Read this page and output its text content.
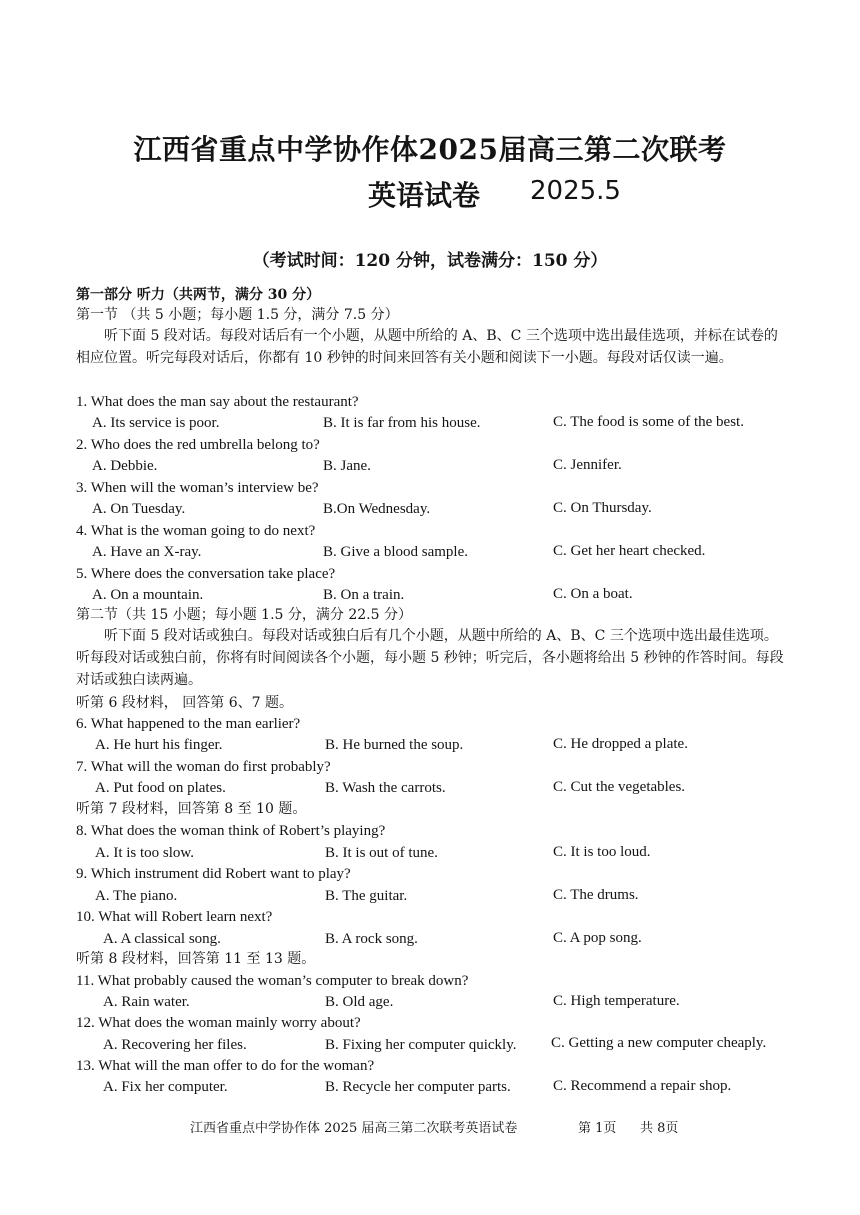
江西省重点中学协作体2025届高三第二次联考
英语试卷 2025.5
（考试时间：120 分钟，试卷满分：150 分）
第一部分 听力（共两节，满分 30 分）
第一节 （共 5 小题；每小题 1.5 分，满分 7.5 分）
听下面 5 段对话。每段对话后有一个小题，从题中所给的 A、B、C 三个选项中选出最佳选项，并标在试卷的相应位置。听完每段对话后，你都有 10 秒钟的时间来回答有关小题和阅读下一小题。每段对话仅读一遍。
1. What does the man say about the restaurant?
A. Its service is poor.	B. It is far from his house.	C. The food is some of the best.
2. Who does the red umbrella belong to?
A. Debbie.	B. Jane.	C. Jennifer.
3. When will the woman’s interview be?
A. On Tuesday.	B.On Wednesday.	C. On Thursday.
4. What is the woman going to do next?
A. Have an X-ray.	B. Give a blood sample.	C. Get her heart checked.
5. Where does the conversation take place?
A. On a mountain.	B. On a train.	C. On a boat.
第二节（共 15 小题；每小题 1.5 分，满分 22.5 分）
听下面 5 段对话或独白。每段对话或独白后有几个小题，从题中所给的 A、B、C 三个选项中选出最佳选项。听每段对话或独白前，你将有时间阅读各个小题，每小题 5 秒钟；听完后，各小题将给出 5 秒钟的作答时间。每段对话或独白读两遍。
听第 6 段材料， 回答第 6、7 题。
6. What happened to the man earlier?
A. He hurt his finger.	B. He burned the soup.	C. He dropped a plate.
7. What will the woman do first probably?
A. Put food on plates.	B. Wash the carrots.	C. Cut the vegetables.
听第 7 段材料，回答第 8 至 10 题。
8. What does the woman think of Robert’s playing?
A. It is too slow.	B. It is out of tune.	C. It is too loud.
9. Which instrument did Robert want to play?
A. The piano.	B. The guitar.	C. The drums.
10. What will Robert learn next?
A. A classical song.	B. A rock song.	C. A pop song.
听第 8 段材料，回答第 11 至 13 题。
11. What probably caused the woman’s computer to break down?
A. Rain water.	B. Old age.	C. High temperature.
12. What does the woman mainly worry about?
A. Recovering her files.	B. Fixing her computer quickly. C. Getting a new computer cheaply.
13. What will the man offer to do for the woman?
A. Fix her computer.	B. Recycle her computer parts.	C. Recommend a repair shop.
江西省重点中学协作体 2025 届高三第二次联考英语试卷	第 1页 共 8页
